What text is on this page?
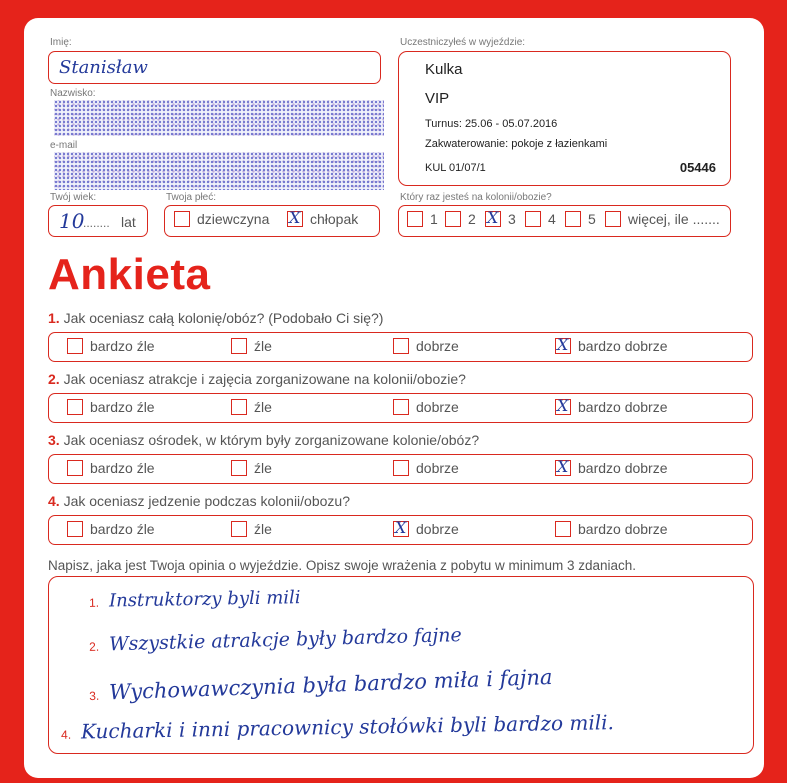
Imię:
Stanisław
Nazwisko:
e-mail
Twój wiek:
10
........ lat
Twoja płeć:
dziewczyna X	chłopak
Uczestniczyłeś w wyjeździe:
Kulka
VIP
Turnus: 25.06 - 05.07.2016
Zakwaterowanie: pokoje z łazienkami
KUL 01/07/1	05446
Który raz jesteś na kolonii/obozie?
1 2 X 3 4 5 więcej, ile .......
Ankieta
1. Jak oceniasz całą kolonię/obóz? (Podobało Ci się?)
bardzo źle	źle	dobrze X	bardzo dobrze
2. Jak oceniasz atrakcje i zajęcia zorganizowane na kolonii/obozie?
bardzo źle	źle	dobrze X	bardzo dobrze
3. Jak oceniasz ośrodek, w którym były zorganizowane kolonie/obóz?
bardzo źle	źle	dobrze X	bardzo dobrze
4. Jak oceniasz jedzenie podczas kolonii/obozu?
bardzo źle	źle X	dobrze	bardzo dobrze
Napisz, jaka jest Twoja opinia o wyjeździe. Opisz swoje wrażenia z pobytu w minimum 3 zdaniach.
1. Instruktorzy byli mili
2. Wszystkie atrakcje były bardzo fajne
3. Wychowawczynia była bardzo miła i fajna
4. Kucharki i inni pracownicy stołówki byli bardzo mili.
